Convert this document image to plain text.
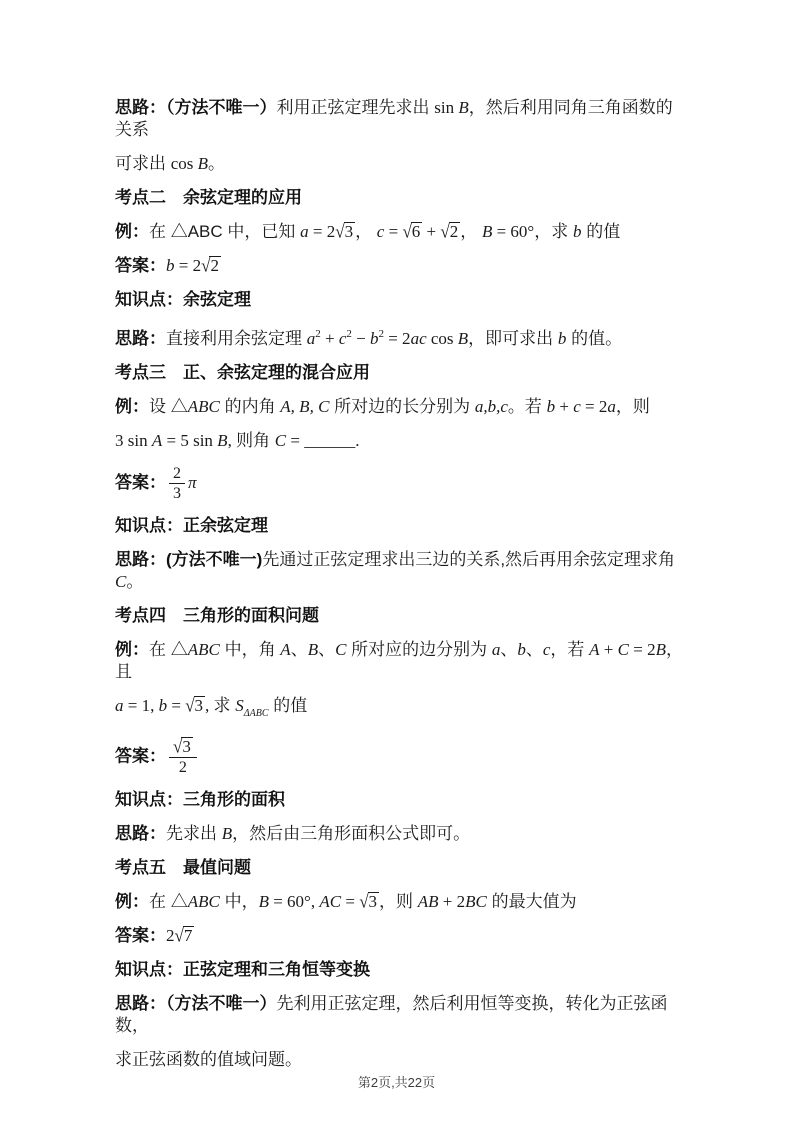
思路：（方法不唯一）利用正弦定理先求出 sin B，然后利用同角三角函数的关系

可求出 cos B。

考点二　余弦定理的应用

例：在 △ABC 中，已知 a = 2√3 ， c = √6 + √2 ， B = 60°，求 b 的值

答案：b = 2√2

知识点：余弦定理

思路：直接利用余弦定理 $a^2 + c^2 - b^2 = 2ac$ cos B，即可求出 b 的值。

考点三　正、余弦定理的混合应用

例：设 △ABC 的内角 A, B, C 所对边的长分别为 a,b,c。若 b + c = 2a，则

3 sin A = 5 sin B, 则角 C = ______.

答案： $\frac{2}{3}$ π

知识点：正余弦定理

思路：(方法不唯一)先通过正弦定理求出三边的关系,然后再用余弦定理求角 C。

考点四　三角形的面积问题

例：在 △ABC 中，角 A、B、C 所对应的边分别为 a、b、c，若 A + C = 2B，且

a = 1, b = √3 , 求 $S_{\Delta ABC}$ 的值

答案： $\frac{√3}{2}$

知识点：三角形的面积

思路：先求出 B，然后由三角形面积公式即可。

考点五　最值问题

例：在 △ABC 中，B = 60°, AC = √3 ，则 AB + 2BC 的最大值为

答案：2√7

知识点：正弦定理和三角恒等变换

思路：（方法不唯一）先利用正弦定理，然后利用恒等变换，转化为正弦函数，

求正弦函数的值域问题。

第2页,共22页
